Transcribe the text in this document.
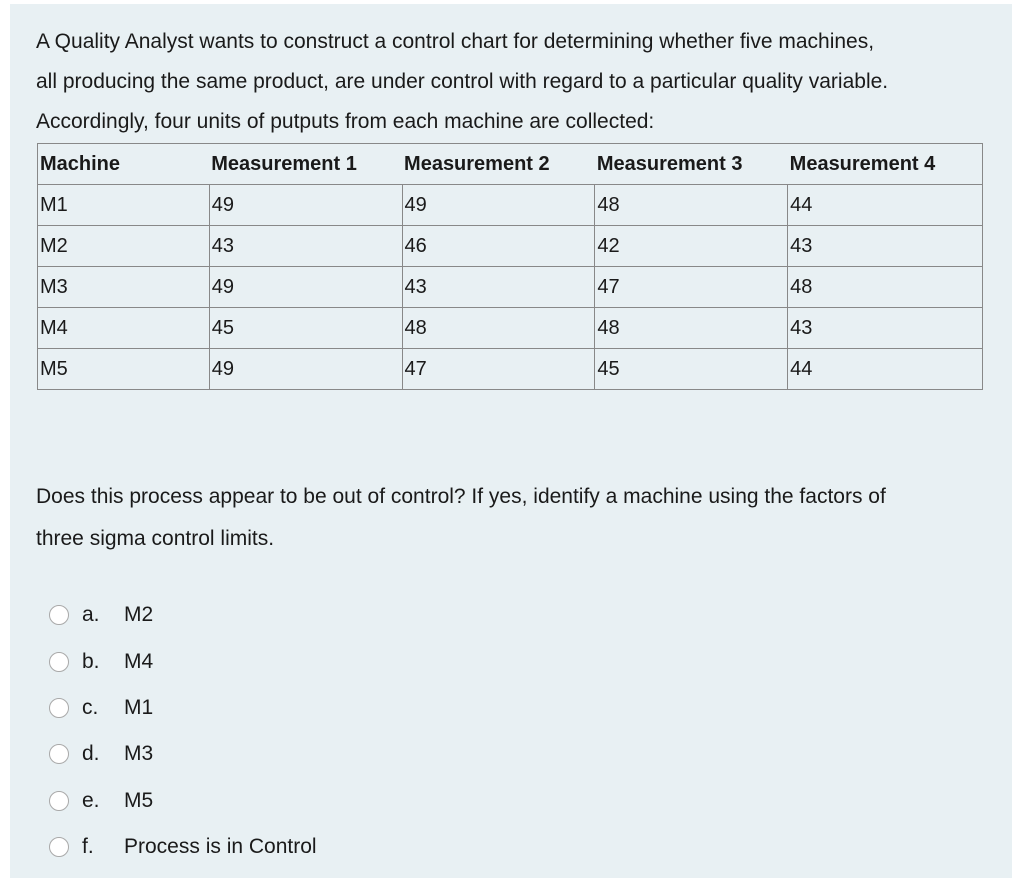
A Quality Analyst wants to construct a control chart for determining whether five machines,

all producing the same product, are under control with regard to a particular quality variable.

Accordingly, four units of putputs from each machine are collected:

Machine	Measurement 1	Measurement 2	Measurement 3	Measurement 4
M1	49	49	48	44
M2	43	46	42	43
M3	49	43	47	48
M4	45	48	48	43
M5	49	47	45	44

Does this process appear to be out of control? If yes, identify a machine using the factors of

three sigma control limits.

a.	M2
b.	M4
c.	M1
d.	M3
e.	M5
f.	Process is in Control
